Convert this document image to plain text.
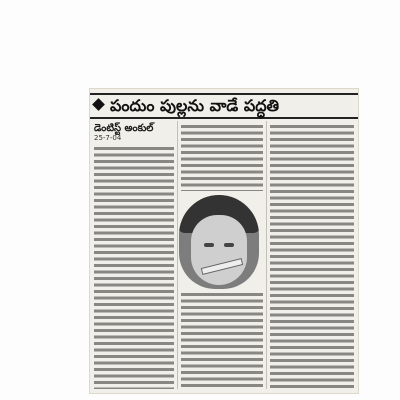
పందుం పుల్లను వాడే పద్ధతి
డెంటిస్ట్ అంకుల్
25-7-04
